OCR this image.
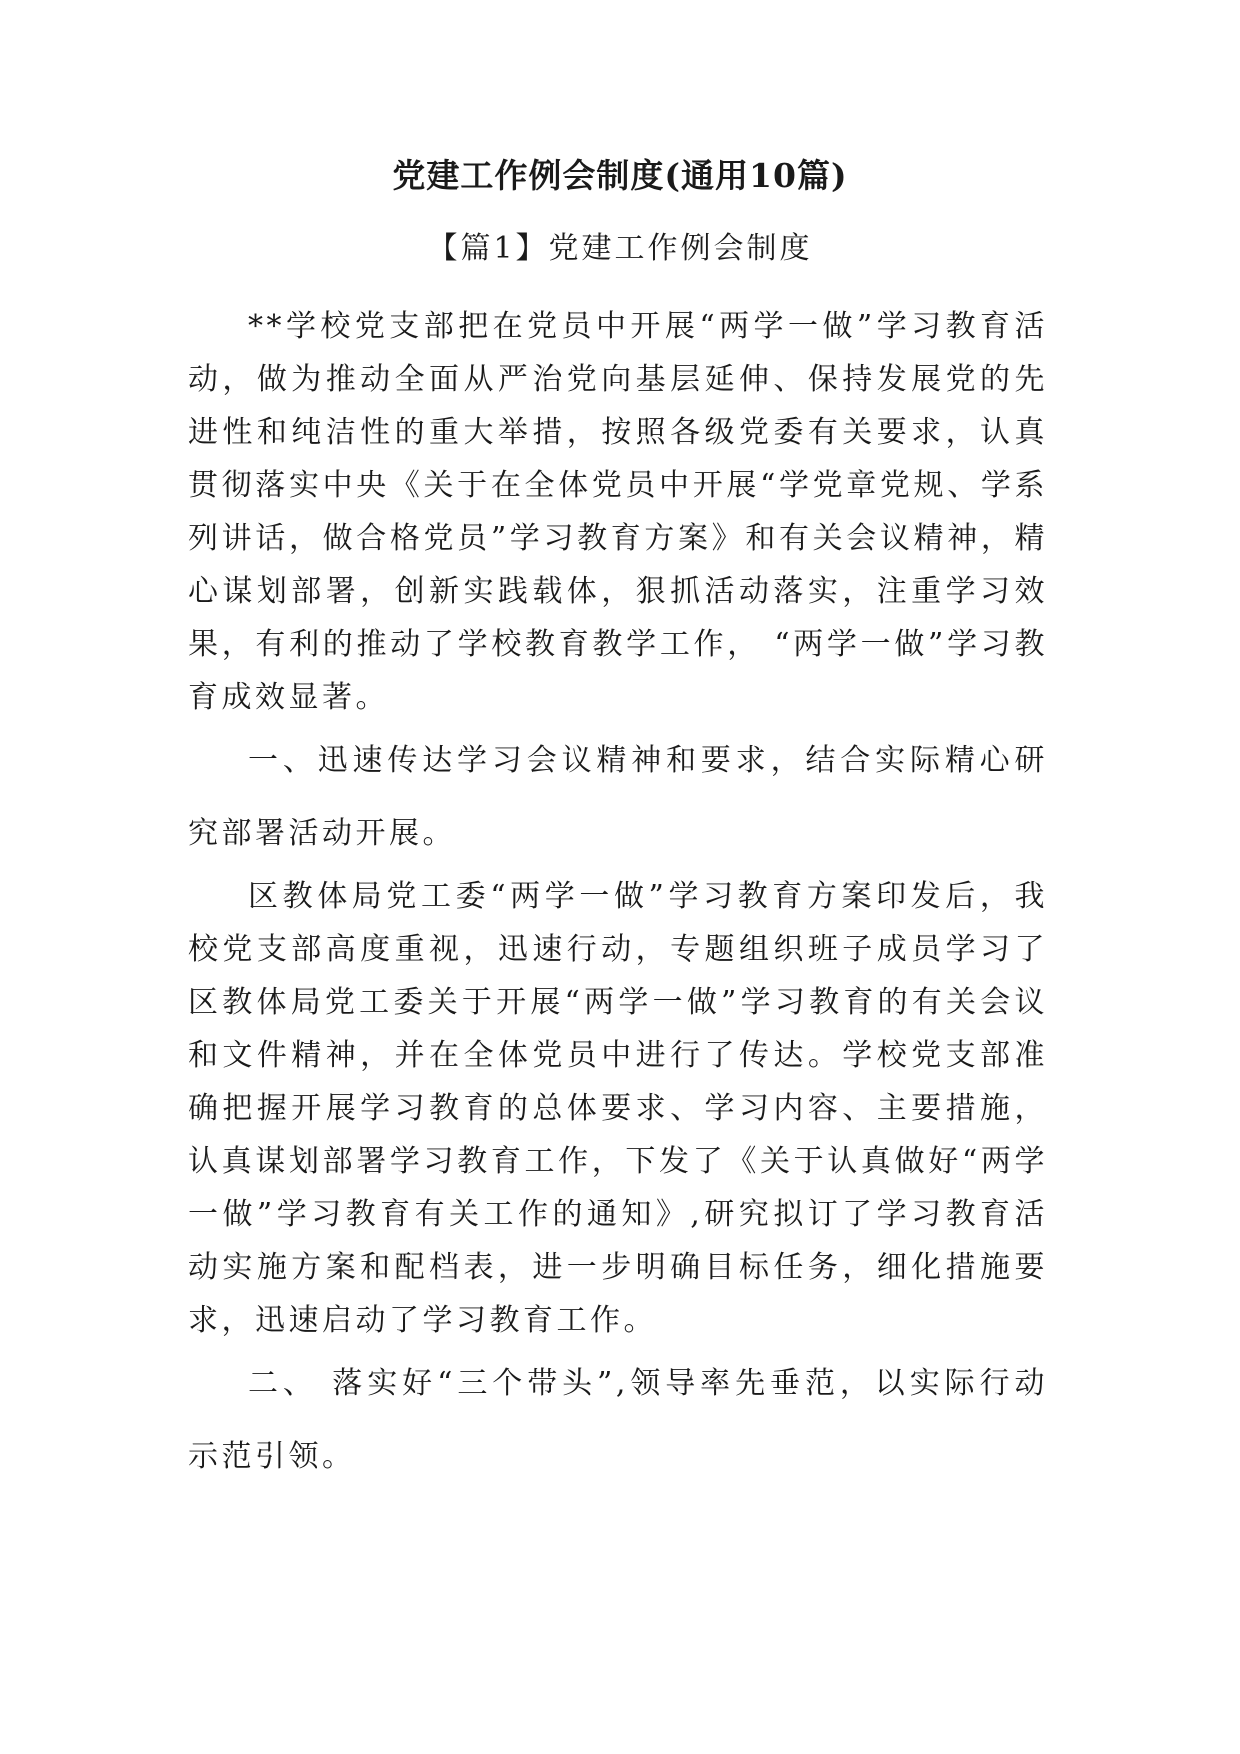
党建工作例会制度(通用10篇)
【篇1】党建工作例会制度

**学校党支部把在党员中开展“两学一做”学习教育活动，做为推动全面从严治党向基层延伸、保持发展党的先进性和纯洁性的重大举措，按照各级党委有关要求，认真贯彻落实中央《关于在全体党员中开展“学党章党规、学系列讲话，做合格党员”学习教育方案》和有关会议精神，精心谋划部署，创新实践载体，狠抓活动落实，注重学习效果，有利的推动了学校教育教学工作， “两学一做”学习教育成效显著。

一、迅速传达学习会议精神和要求，结合实际精心研究部署活动开展。

区教体局党工委“两学一做”学习教育方案印发后，我校党支部高度重视，迅速行动，专题组织班子成员学习了区教体局党工委关于开展“两学一做”学习教育的有关会议和文件精神，并在全体党员中进行了传达。学校党支部准确把握开展学习教育的总体要求、学习内容、主要措施，认真谋划部署学习教育工作，下发了《关于认真做好“两学一做”学习教育有关工作的通知》,研究拟订了学习教育活动实施方案和配档表，进一步明确目标任务，细化措施要求，迅速启动了学习教育工作。

二、 落实好“三个带头”,领导率先垂范，以实际行动示范引领。
